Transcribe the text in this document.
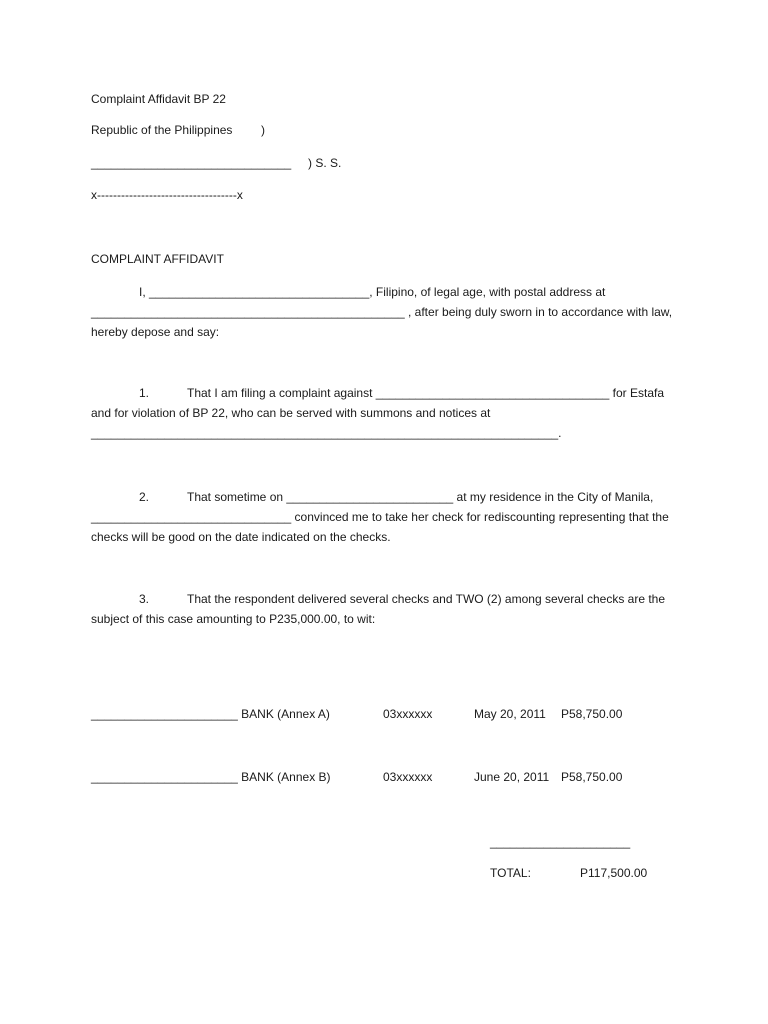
Complaint Affidavit BP 22
Republic of the Philippines )
______________________________ ) S. S.
x-----------------------------------x
COMPLAINT AFFIDAVIT
I, _________________________________, Filipino, of legal age, with postal address at _______________________________________________ , after being duly sworn in to accordance with law, hereby depose and say:
1.	That I am filing a complaint against ___________________________________ for Estafa and for violation of BP 22, who can be served with summons and notices at ______________________________________________________________________.
2.	That sometime on _________________________ at my residence in the City of Manila, ______________________________ convinced me to take her check for rediscounting representing that the checks will be good on the date indicated on the checks.
3.	That the respondent delivered several checks and TWO (2) among several checks are the subject of this case amounting to P235,000.00, to wit:
______________________ BANK (Annex A)	03xxxxxx	May 20, 2011 P58,750.00
______________________ BANK (Annex B)	03xxxxxx	June 20, 2011 P58,750.00
_____________________
TOTAL:	P117,500.00
